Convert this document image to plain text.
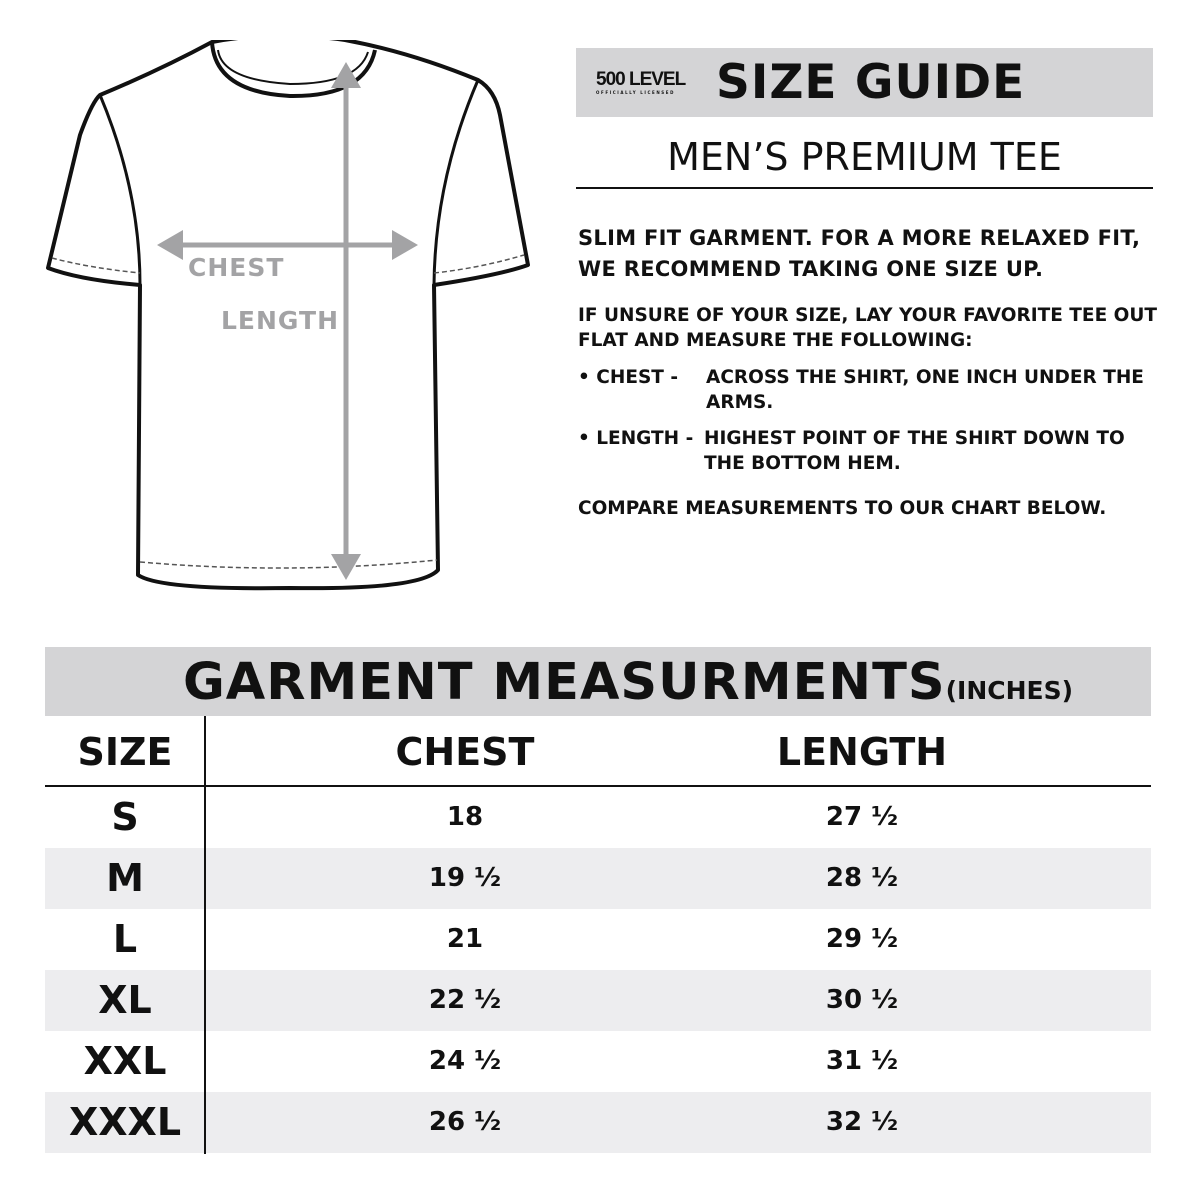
CHEST
LENGTH
500 LEVEL
OFFICIALLY LICENSED SIZE GUIDE
MEN’S PREMIUM TEE
SLIM FIT GARMENT. FOR A MORE RELAXED FIT, WE RECOMMEND TAKING ONE SIZE UP.
IF UNSURE OF YOUR SIZE, LAY YOUR FAVORITE TEE OUT FLAT AND MEASURE THE FOLLOWING:
• CHEST - ACROSS THE SHIRT, ONE INCH UNDER THE ARMS.
• LENGTH - HIGHEST POINT OF THE SHIRT DOWN TO THE BOTTOM HEM.
COMPARE MEASUREMENTS TO OUR CHART BELOW.
GARMENT MEASURMENTS(INCHES)
SIZE	CHEST	LENGTH
S	18	27 ½
M	19 ½	28 ½
L	21	29 ½
XL	22 ½	30 ½
XXL	24 ½	31 ½
XXXL	26 ½	32 ½
